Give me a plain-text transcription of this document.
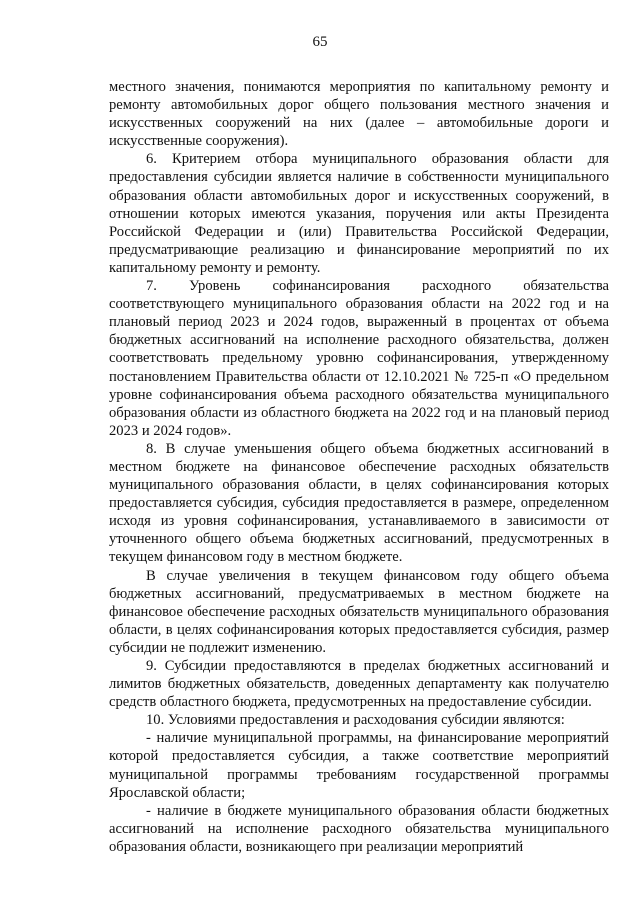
65

местного значения, понимаются мероприятия по капитальному ремонту и ремонту автомобильных дорог общего пользования местного значения и искусственных сооружений на них (далее – автомобильные дороги и искусственные сооружения).

6. Критерием отбора муниципального образования области для предоставления субсидии является наличие в собственности муниципального образования области автомобильных дорог и искусственных сооружений, в отношении которых имеются указания, поручения или акты Президента Российской Федерации и (или) Правительства Российской Федерации, предусматривающие реализацию и финансирование мероприятий по их капитальному ремонту и ремонту.

7. Уровень софинансирования расходного обязательства соответствующего муниципального образования области на 2022 год и на плановый период 2023 и 2024 годов, выраженный в процентах от объема бюджетных ассигнований на исполнение расходного обязательства, должен соответствовать предельному уровню софинансирования, утвержденному постановлением Правительства области от 12.10.2021 № 725-п «О предельном уровне софинансирования объема расходного обязательства муниципального образования области из областного бюджета на 2022 год и на плановый период 2023 и 2024 годов».

8. В случае уменьшения общего объема бюджетных ассигнований в местном бюджете на финансовое обеспечение расходных обязательств муниципального образования области, в целях софинансирования которых предоставляется субсидия, субсидия предоставляется в размере, определенном исходя из уровня софинансирования, устанавливаемого в зависимости от уточненного общего объема бюджетных ассигнований, предусмотренных в текущем финансовом году в местном бюджете.

В случае увеличения в текущем финансовом году общего объема бюджетных ассигнований, предусматриваемых в местном бюджете на финансовое обеспечение расходных обязательств муниципального образования области, в целях софинансирования которых предоставляется субсидия, размер субсидии не подлежит изменению.

9. Субсидии предоставляются в пределах бюджетных ассигнований и лимитов бюджетных обязательств, доведенных департаменту как получателю средств областного бюджета, предусмотренных на предоставление субсидии.

10. Условиями предоставления и расходования субсидии являются:

- наличие муниципальной программы, на финансирование мероприятий которой предоставляется субсидия, а также соответствие мероприятий муниципальной программы требованиям государственной программы Ярославской области;

- наличие в бюджете муниципального образования области бюджетных ассигнований на исполнение расходного обязательства муниципального образования области, возникающего при реализации мероприятий
